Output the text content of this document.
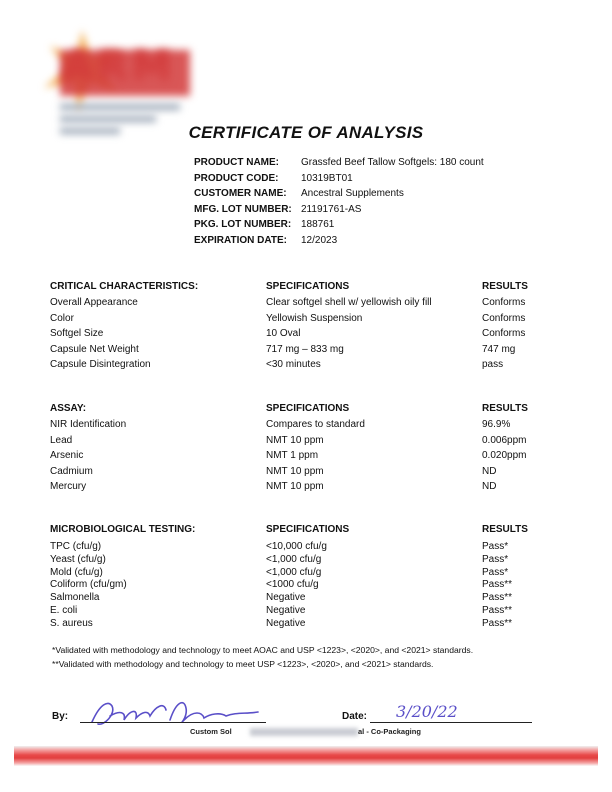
ARM
CERTIFICATE OF ANALYSIS
PRODUCT NAME:	Grassfed Beef Tallow Softgels: 180 count
PRODUCT CODE:	10319BT01
CUSTOMER NAME:	Ancestral Supplements
MFG. LOT NUMBER: 21191761-AS
PKG. LOT NUMBER: 188761
EXPIRATION DATE:	12/2023
CRITICAL CHARACTERISTICS:	SPECIFICATIONS	RESULTS
Overall Appearance	Clear softgel shell w/ yellowish oily fill	Conforms
Color	Yellowish Suspension	Conforms
Softgel Size	10 Oval	Conforms
Capsule Net Weight	717 mg – 833 mg	747 mg
Capsule Disintegration	<30 minutes	pass
ASSAY:	SPECIFICATIONS	RESULTS
NIR Identification	Compares to standard	96.9%
Lead	NMT 10 ppm	0.006ppm
Arsenic	NMT 1 ppm	0.020ppm
Cadmium	NMT 10 ppm	ND
Mercury	NMT 10 ppm	ND
MICROBIOLOGICAL TESTING:	SPECIFICATIONS	RESULTS
TPC (cfu/g)	<10,000 cfu/g	Pass*
Yeast (cfu/g)	<1,000 cfu/g	Pass*
Mold (cfu/g)	<1,000 cfu/g	Pass*
Coliform (cfu/gm)	<1000 cfu/g	Pass**
Salmonella	Negative	Pass**
E. coli	Negative	Pass**
S. aureus	Negative	Pass**
*Validated with methodology and technology to meet AOAC and USP <1223>, <2020>, and <2021> standards.
**Validated with methodology and technology to meet USP <1223>, <2020>, and <2021> standards.
By:	Date: 3/20/22
Custom Sol	al - Co-Packaging
